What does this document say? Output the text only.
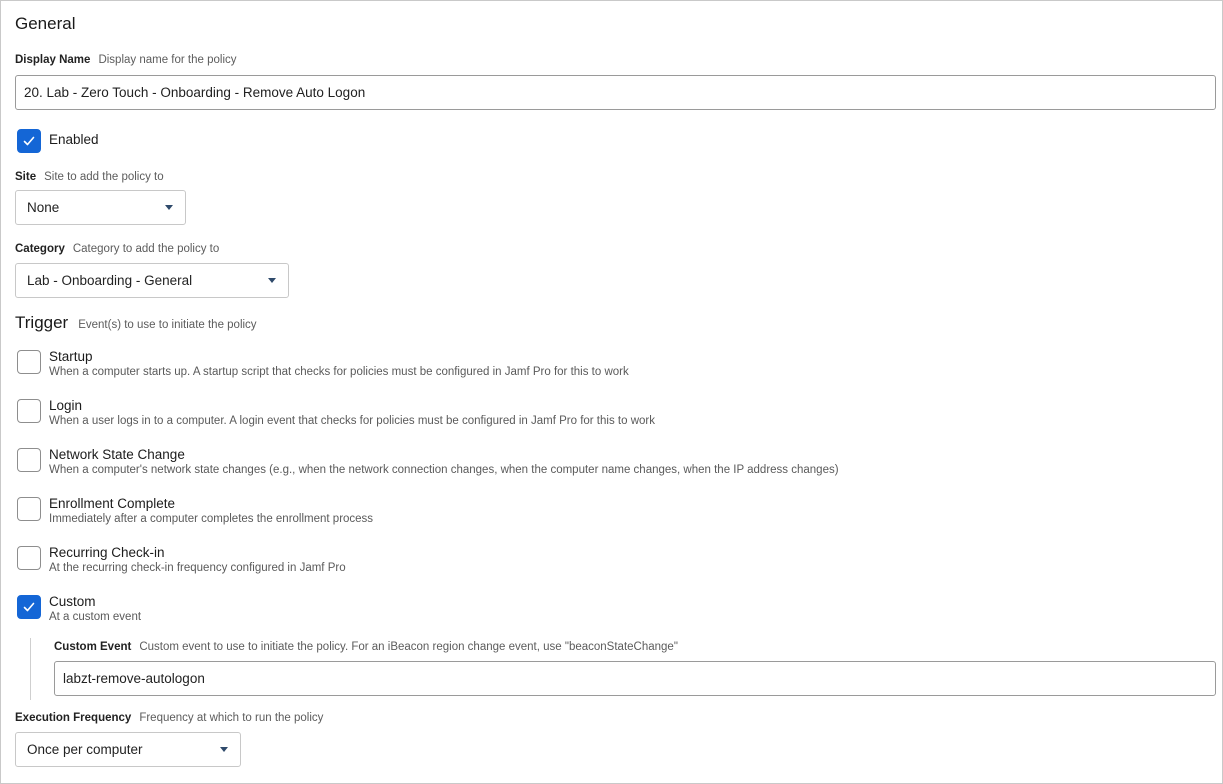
General
Display Name Display name for the policy
20. Lab - Zero Touch - Onboarding - Remove Auto Logon
Enabled
Site Site to add the policy to
None
Category Category to add the policy to
Lab - Onboarding - General
Trigger Event(s) to use to initiate the policy
Startup
When a computer starts up. A startup script that checks for policies must be configured in Jamf Pro for this to work
Login
When a user logs in to a computer. A login event that checks for policies must be configured in Jamf Pro for this to work
Network State Change
When a computer's network state changes (e.g., when the network connection changes, when the computer name changes, when the IP address changes)
Enrollment Complete
Immediately after a computer completes the enrollment process
Recurring Check-in
At the recurring check-in frequency configured in Jamf Pro
Custom
At a custom event
Custom Event Custom event to use to initiate the policy. For an iBeacon region change event, use "beaconStateChange"
labzt-remove-autologon
Execution Frequency Frequency at which to run the policy
Once per computer
